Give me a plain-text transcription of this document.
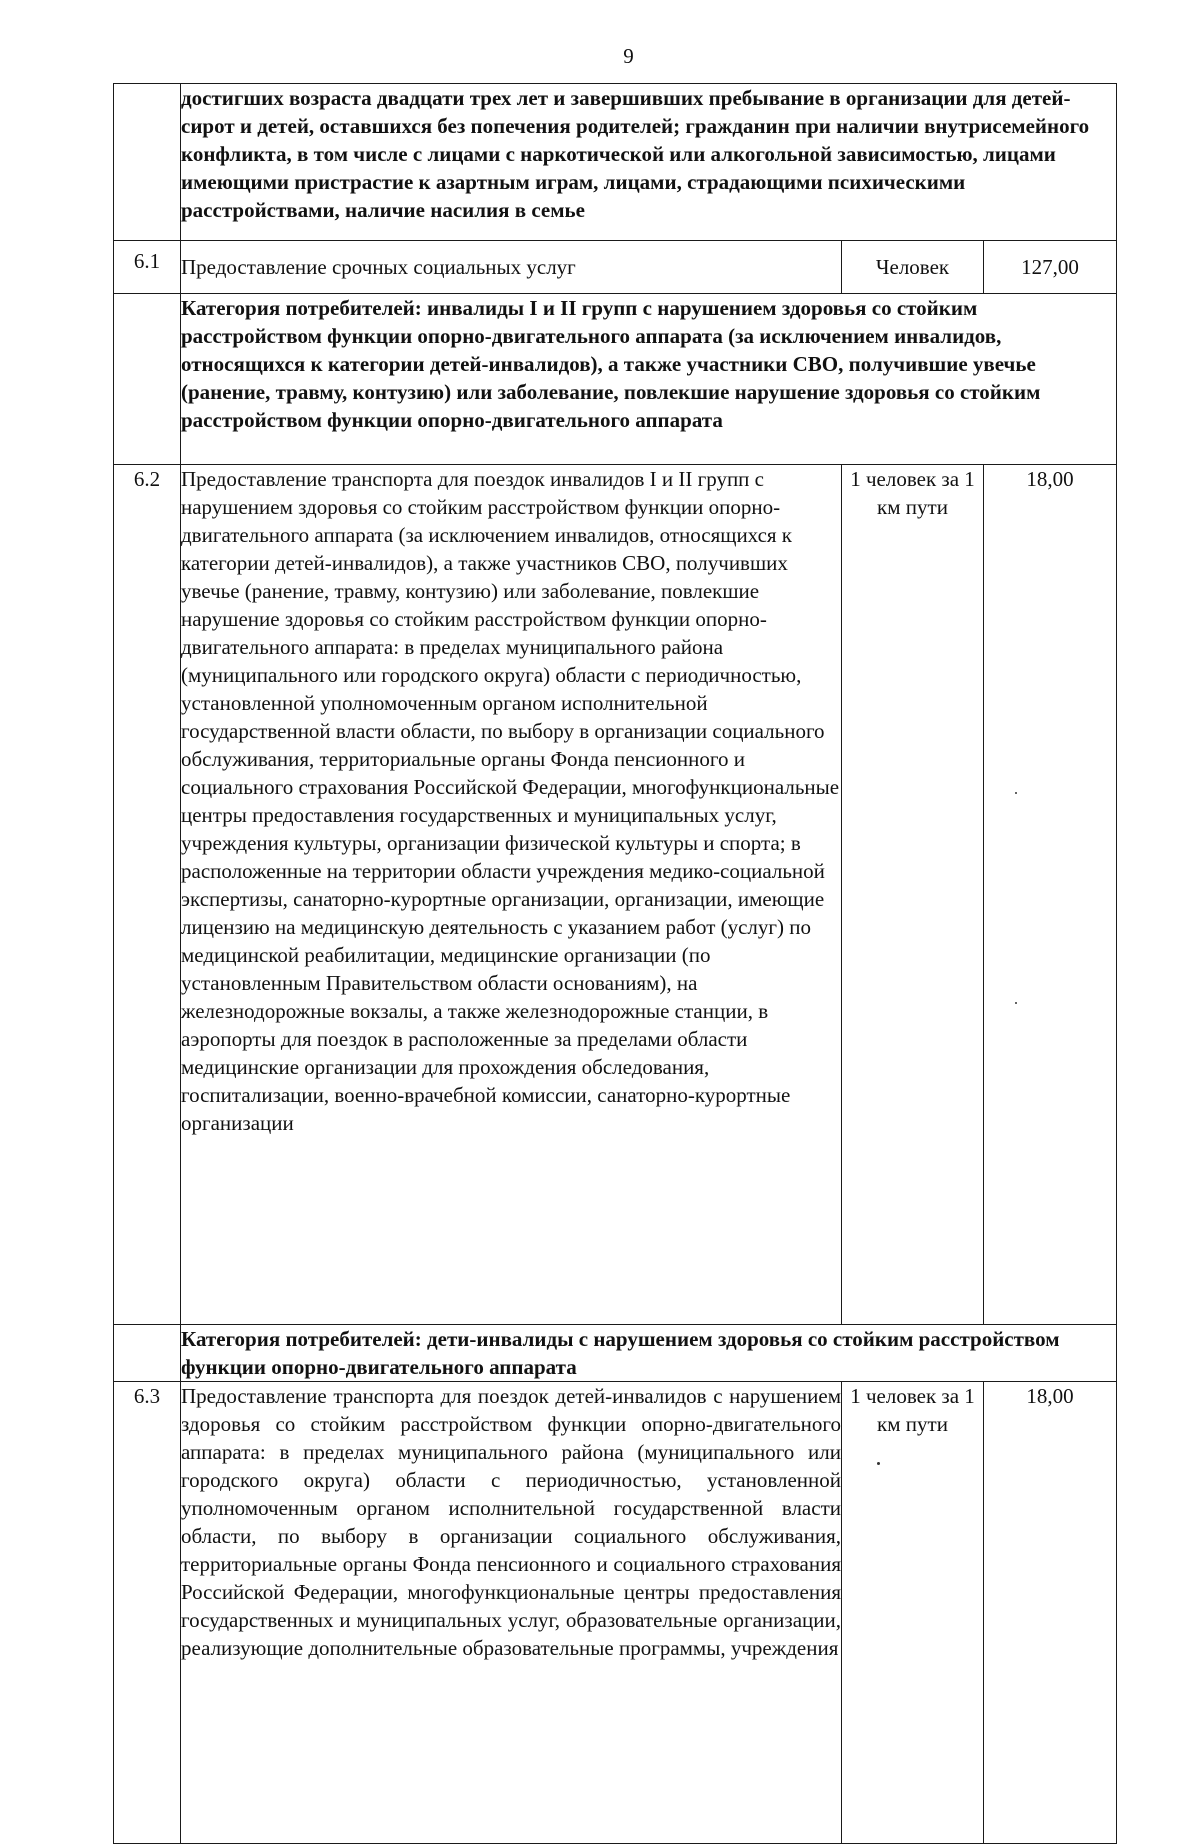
9
	достигших возраста двадцати трех лет и завершивших пребывание в организации для детей-сирот и детей, оставшихся без попечения родителей; гражданин при наличии внутрисемейного конфликта, в том числе с лицами с наркотической или алкогольной зависимостью, лицами имеющими пристрастие к азартным играм, лицами, страдающими психическими расстройствами, наличие насилия в семье		
6.1	Предоставление срочных социальных услуг	Человек	127,00
	Категория потребителей: инвалиды I и II групп с нарушением здоровья со стойким расстройством функции опорно-двигательного аппарата (за исключением инвалидов, относящихся к категории детей-инвалидов), а также участники СВО, получившие увечье (ранение, травму, контузию) или заболевание, повлекшие нарушение здоровья со стойким расстройством функции опорно-двигательного аппарата		
6.2	Предоставление транспорта для поездок инвалидов I и II групп с нарушением здоровья со стойким расстройством функции опорно-двигательного аппарата (за исключением инвалидов, относящихся к категории детей-инвалидов), а также участников СВО, получивших увечье (ранение, травму, контузию) или заболевание, повлекшие нарушение здоровья со стойким расстройством функции опорно-двигательного аппарата: в пределах муниципального района (муниципального или городского округа) области с периодичностью, установленной уполномоченным органом исполнительной государственной власти области, по выбору в организации социального обслуживания, территориальные органы Фонда пенсионного и социального страхования Российской Федерации, многофункциональные центры предоставления государственных и муниципальных услуг, учреждения культуры, организации физической культуры и спорта; в расположенные на территории области учреждения медико-социальной экспертизы, санаторно-курортные организации, организации, имеющие лицензию на медицинскую деятельность с указанием работ (услуг) по медицинской реабилитации, медицинские организации (по установленным Правительством области основаниям), на железнодорожные вокзалы, а также железнодорожные станции, в аэропорты для поездок в расположенные за пределами области медицинские организации для прохождения обследования, госпитализации, военно-врачебной комиссии, санаторно-курортные организации	1 человек за 1 км пути	18,00
	Категория потребителей: дети-инвалиды с нарушением здоровья со стойким расстройством функции опорно-двигательного аппарата		
6.3	Предоставление транспорта для поездок детей-инвалидов с нарушением здоровья со стойким расстройством функции опорно-двигательного аппарата: в пределах муниципального района (муниципального или городского округа) области с периодичностью, установленной уполномоченным органом исполнительной государственной власти области, по выбору в организации социального обслуживания, территориальные органы Фонда пенсионного и социального страхования Российской Федерации, многофункциональные центры предоставления государственных и муниципальных услуг, образовательные организации, реализующие дополнительные образовательные программы, учреждения	1 человек за 1 км пути	18,00
